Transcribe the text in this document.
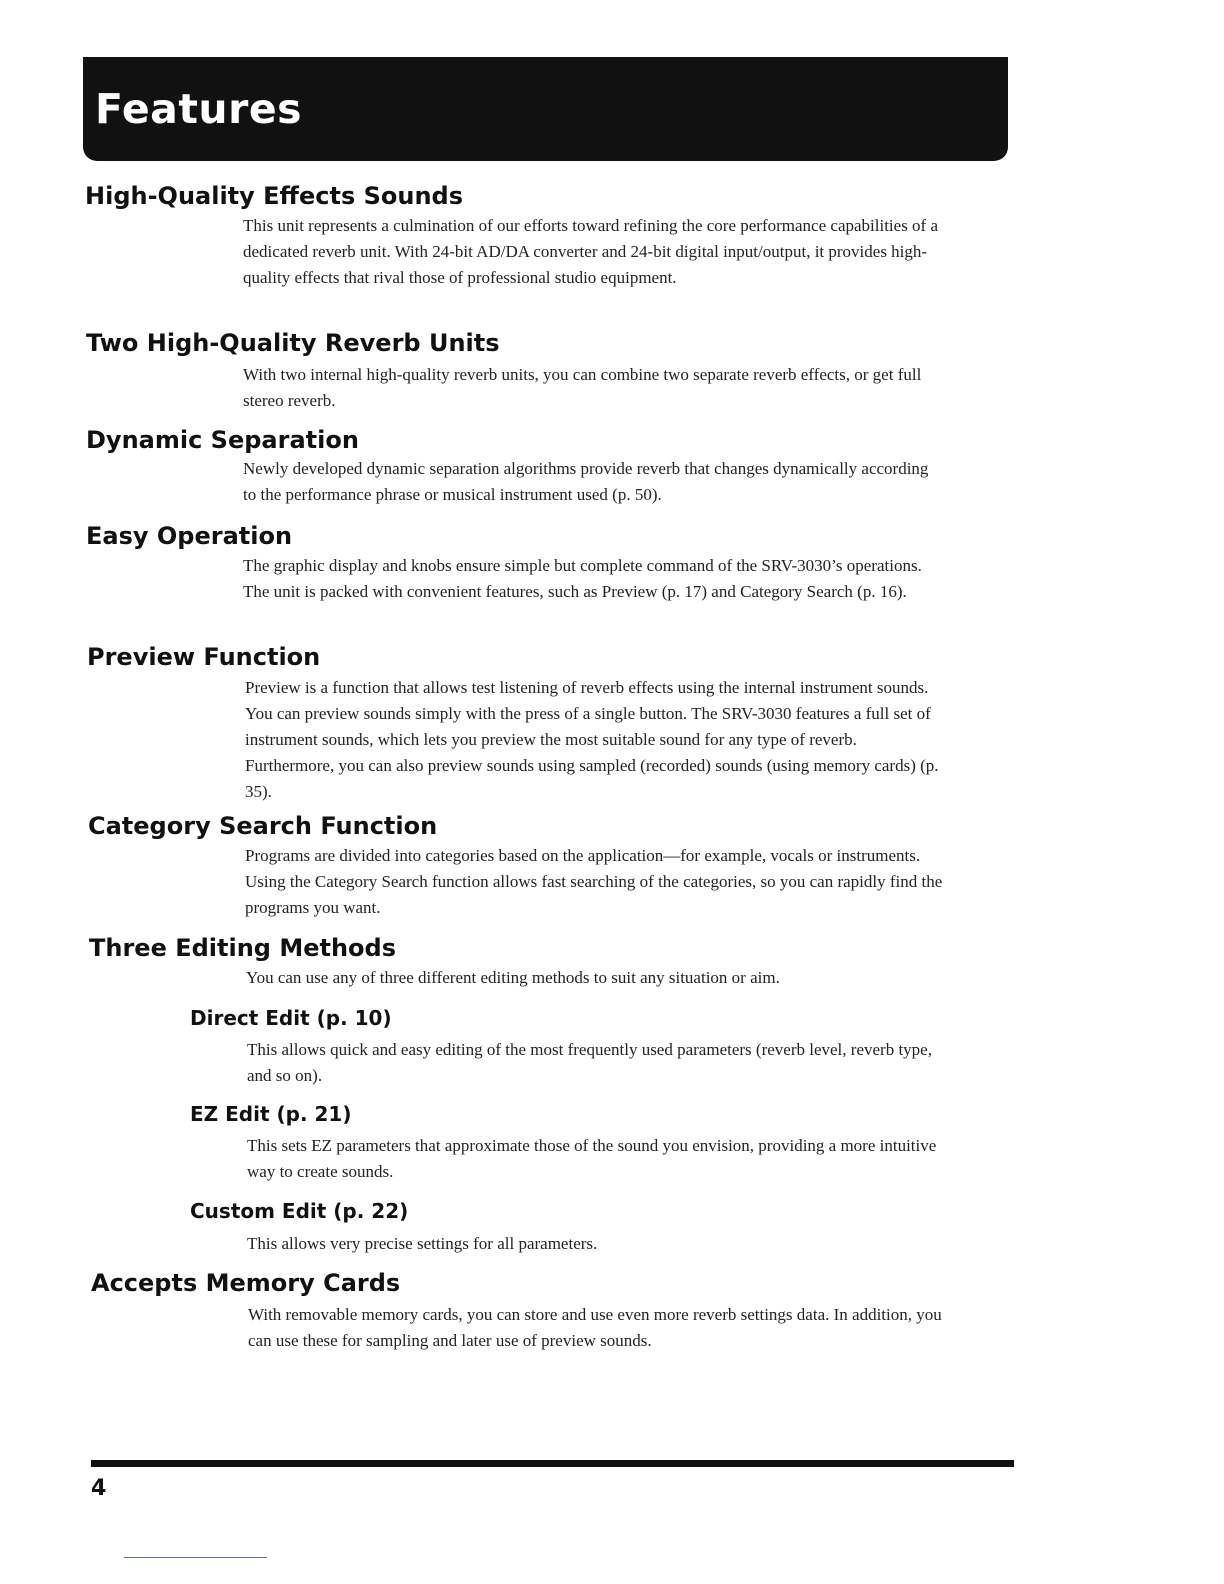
Features
High-Quality Effects Sounds

This unit represents a culmination of our efforts toward refining the core performance capabilities of a dedicated reverb unit. With 24-bit AD/DA converter and 24-bit digital input/output, it provides high-quality effects that rival those of professional studio equipment.

Two High-Quality Reverb Units

With two internal high-quality reverb units, you can combine two separate reverb effects, or get full stereo reverb.

Dynamic Separation

Newly developed dynamic separation algorithms provide reverb that changes dynamically according to the performance phrase or musical instrument used (p. 50).

Easy Operation

The graphic display and knobs ensure simple but complete command of the SRV-3030’s operations. The unit is packed with convenient features, such as Preview (p. 17) and Category Search (p. 16).

Preview Function

Preview is a function that allows test listening of reverb effects using the internal instrument sounds. You can preview sounds simply with the press of a single button. The SRV-3030 features a full set of instrument sounds, which lets you preview the most suitable sound for any type of reverb. Furthermore, you can also preview sounds using sampled (recorded) sounds (using memory cards) (p. 35).

Category Search Function

Programs are divided into categories based on the application—for example, vocals or instruments. Using the Category Search function allows fast searching of the categories, so you can rapidly find the programs you want.

Three Editing Methods

You can use any of three different editing methods to suit any situation or aim.

Direct Edit (p. 10)

This allows quick and easy editing of the most frequently used parameters (reverb level, reverb type, and so on).

EZ Edit (p. 21)

This sets EZ parameters that approximate those of the sound you envision, providing a more intuitive way to create sounds.

Custom Edit (p. 22)

This allows very precise settings for all parameters.

Accepts Memory Cards

With removable memory cards, you can store and use even more reverb settings data. In addition, you can use these for sampling and later use of preview sounds.

4
